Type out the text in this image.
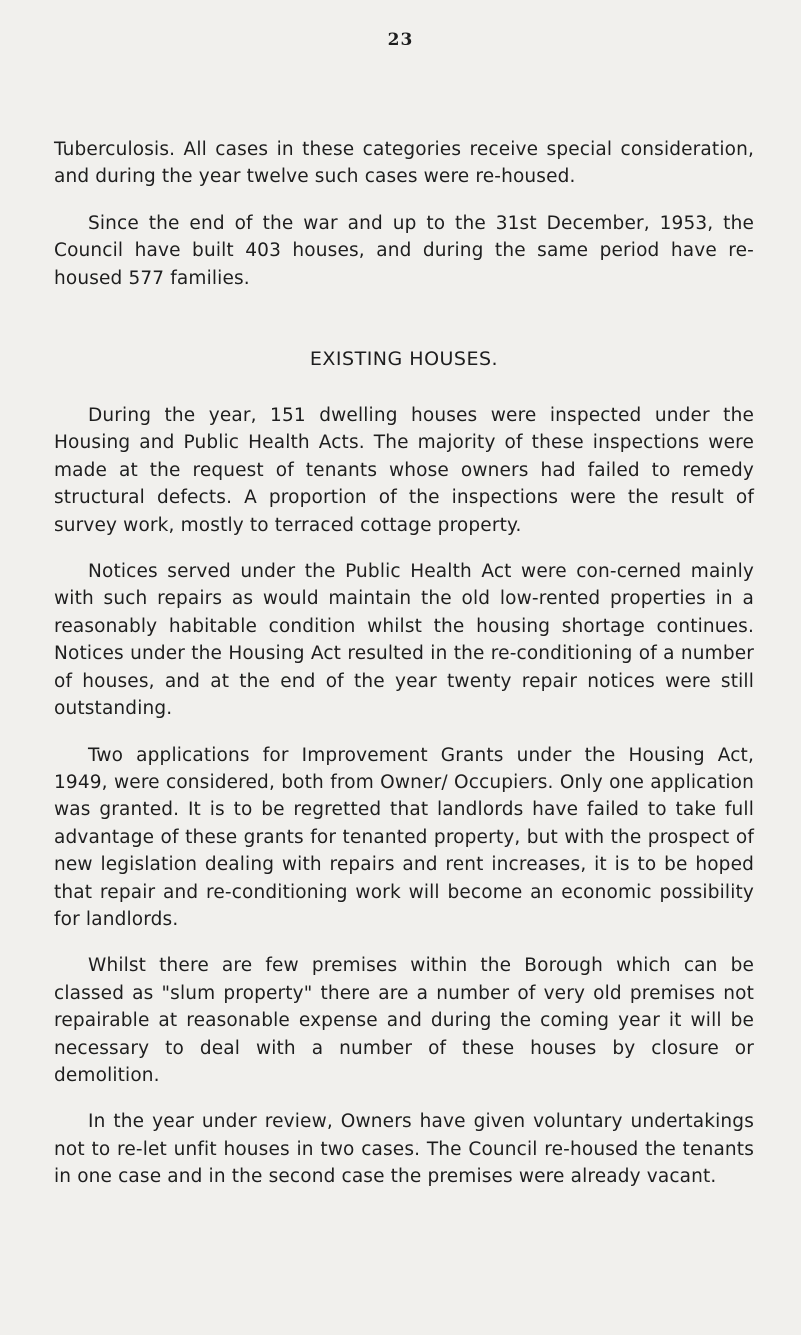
23

Tuberculosis. All cases in these categories receive special consideration, and during the year twelve such cases were re-housed.

Since the end of the war and up to the 31st December, 1953, the Council have built 403 houses, and during the same period have re-housed 577 families.

EXISTING HOUSES.

During the year, 151 dwelling houses were inspected under the Housing and Public Health Acts. The majority of these inspections were made at the request of tenants whose owners had failed to remedy structural defects. A proportion of the inspections were the result of survey work, mostly to terraced cottage property.

Notices served under the Public Health Act were con-cerned mainly with such repairs as would maintain the old low-rented properties in a reasonably habitable condition whilst the housing shortage continues. Notices under the Housing Act resulted in the re-conditioning of a number of houses, and at the end of the year twenty repair notices were still outstanding.

Two applications for Improvement Grants under the Housing Act, 1949, were considered, both from Owner/ Occupiers. Only one application was granted. It is to be regretted that landlords have failed to take full advantage of these grants for tenanted property, but with the prospect of new legislation dealing with repairs and rent increases, it is to be hoped that repair and re-conditioning work will become an economic possibility for landlords.

Whilst there are few premises within the Borough which can be classed as "slum property" there are a number of very old premises not repairable at reasonable expense and during the coming year it will be necessary to deal with a number of these houses by closure or demolition.

In the year under review, Owners have given voluntary undertakings not to re-let unfit houses in two cases. The Council re-housed the tenants in one case and in the second case the premises were already vacant.
